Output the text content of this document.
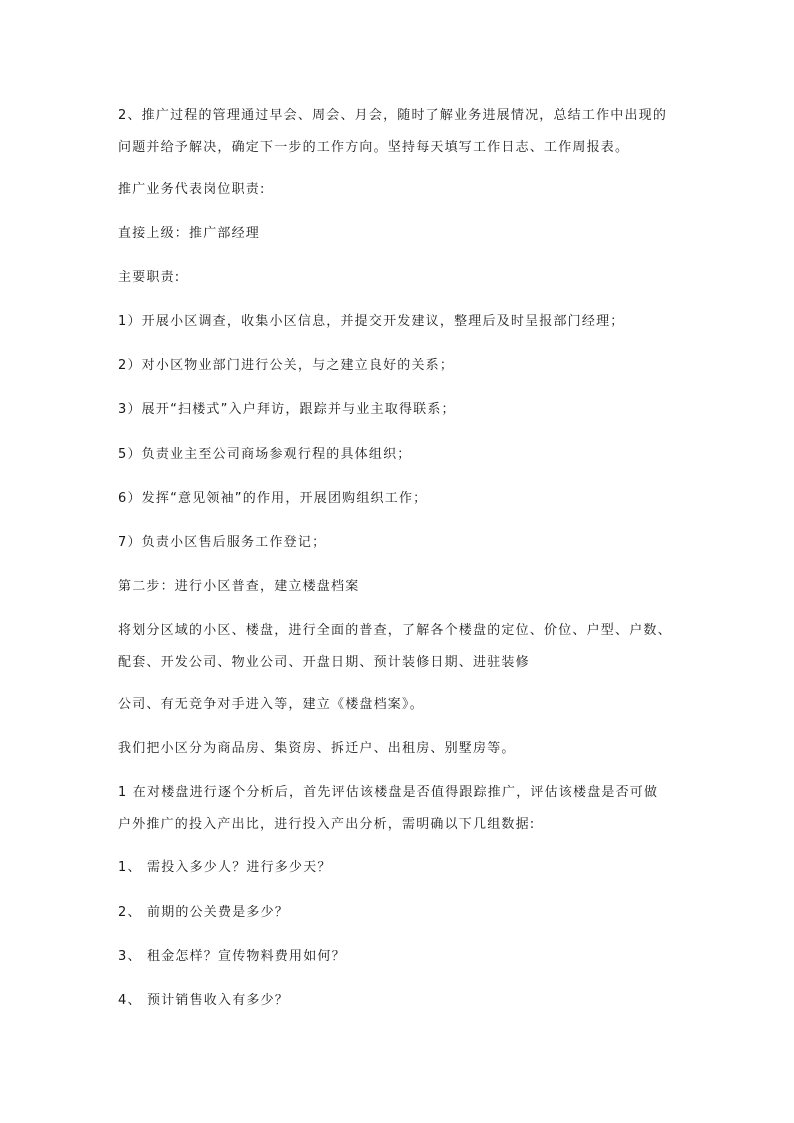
2、推广过程的管理通过早会、周会、月会，随时了解业务进展情况，总结工作中出现的
问题并给予解决，确定下一步的工作方向。坚持每天填写工作日志、工作周报表。
推广业务代表岗位职责:
直接上级：推广部经理
主要职责:
1）开展小区调查，收集小区信息，并提交开发建议，整理后及时呈报部门经理；
2）对小区物业部门进行公关，与之建立良好的关系；
3）展开“扫楼式”入户拜访，跟踪并与业主取得联系；
5）负责业主至公司商场参观行程的具体组织；
6）发挥“意见领袖”的作用，开展团购组织工作；
7）负责小区售后服务工作登记；
第二步：进行小区普查，建立楼盘档案
将划分区域的小区、楼盘，进行全面的普查，了解各个楼盘的定位、价位、户型、户数、
配套、开发公司、物业公司、开盘日期、预计装修日期、进驻装修
公司、有无竞争对手进入等，建立《楼盘档案》。
我们把小区分为商品房、集资房、拆迁户、出租房、别墅房等。
1 在对楼盘进行逐个分析后，首先评估该楼盘是否值得跟踪推广，评估该楼盘是否可做
户外推广的投入产出比，进行投入产出分析，需明确以下几组数据:
1、 需投入多少人？进行多少天？
2、 前期的公关费是多少？
3、 租金怎样？宣传物料费用如何？
4、 预计销售收入有多少？
